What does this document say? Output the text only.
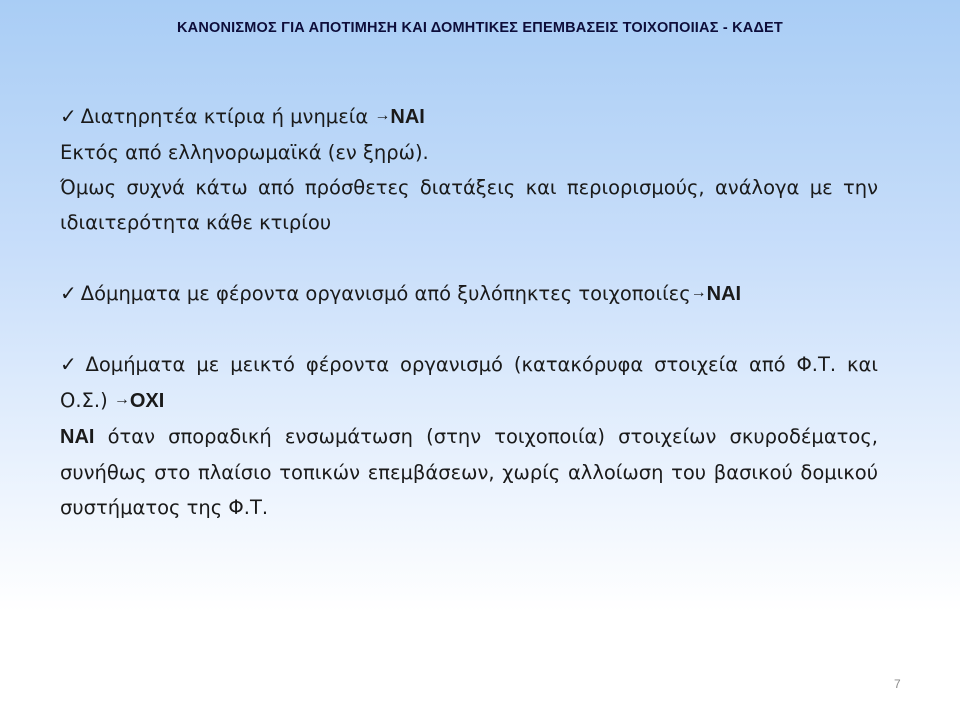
ΚΑΝΟΝΙΣΜΟΣ ΓΙΑ ΑΠΟΤΙΜΗΣΗ ΚΑΙ ΔΟΜΗΤΙΚΕΣ ΕΠΕΜΒΑΣΕΙΣ ΤΟΙΧΟΠΟΙΙΑΣ - ΚΑΔΕΤ

✓ Διατηρητέα κτίρια ή μνημεία →ΝΑΙ

Εκτός από ελληνορωμαϊκά (εν ξηρώ).

Όμως συχνά κάτω από πρόσθετες διατάξεις και περιορισμούς, ανάλογα με την ιδιαιτερότητα κάθε κτιρίου

✓ Δόμηματα με φέροντα οργανισμό από ξυλόπηκτες τοιχοποιίες→ΝΑΙ

✓ Δομήματα με μεικτό φέροντα οργανισμό (κατακόρυφα στοιχεία από Φ.Τ. και Ο.Σ.) →ΟΧΙ

ΝΑΙ όταν σποραδική ενσωμάτωση (στην τοιχοποιία) στοιχείων σκυροδέματος, συνήθως στο πλαίσιο τοπικών επεμβάσεων, χωρίς αλλοίωση του βασικού δομικού συστήματος της Φ.Τ.

7
